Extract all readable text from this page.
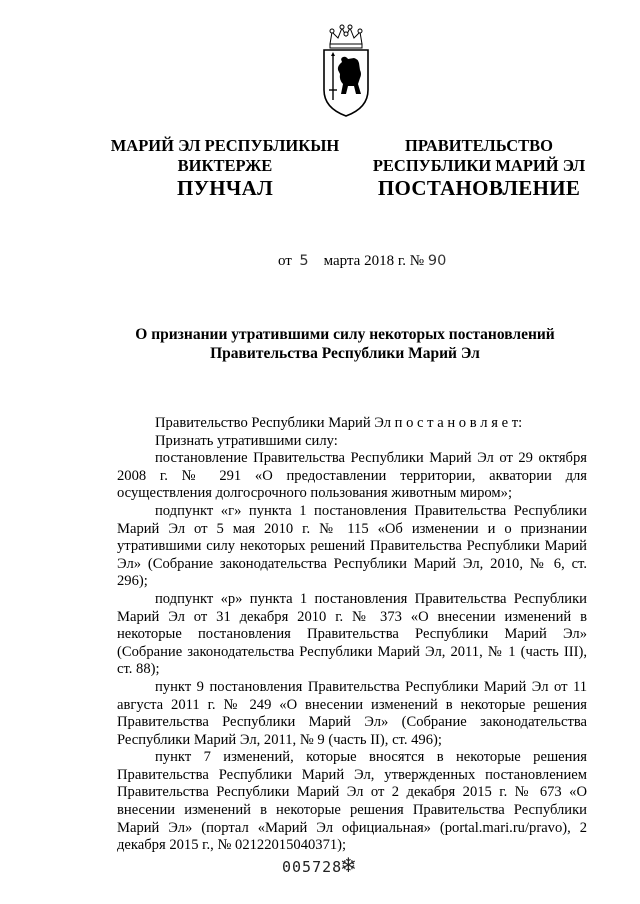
МАРИЙ ЭЛ РЕСПУБЛИКЫН
ВИКТЕРЖЕ
ПУНЧАЛ
ПРАВИТЕЛЬСТВО
РЕСПУБЛИКИ МАРИЙ ЭЛ
ПОСТАНОВЛЕНИЕ
от 5 марта 2018 г. № 90
О признании утратившими силу некоторых постановлений
Правительства Республики Марий Эл

Правительство Республики Марий Эл п о с т а н о в л я е т:

Признать утратившими силу:

постановление Правительства Республики Марий Эл от 29 октября 2008 г. № 291 «О предоставлении территории, акватории для осуществления долгосрочного пользования животным миром»;

подпункт «г» пункта 1 постановления Правительства Республики Марий Эл от 5 мая 2010 г. № 115 «Об изменении и о признании утратившими силу некоторых решений Правительства Республики Марий Эл» (Собрание законодательства Республики Марий Эл, 2010, № 6, ст. 296);

подпункт «р» пункта 1 постановления Правительства Республики Марий Эл от 31 декабря 2010 г. № 373 «О внесении изменений в некоторые постановления Правительства Республики Марий Эл» (Собрание законодательства Республики Марий Эл, 2011, № 1 (часть III), ст. 88);

пункт 9 постановления Правительства Республики Марий Эл от 11 августа 2011 г. № 249 «О внесении изменений в некоторые решения Правительства Республики Марий Эл» (Собрание законодательства Республики Марий Эл, 2011, № 9 (часть II), ст. 496);

пункт 7 изменений, которые вносятся в некоторые решения Правительства Республики Марий Эл, утвержденных постановлением Правительства Республики Марий Эл от 2 декабря 2015 г. № 673 «О внесении изменений в некоторые решения Правительства Республики Марий Эл» (портал «Марий Эл официальная» (portal.mari.ru/pravo), 2 декабря 2015 г., № 02122015040371);

005728
❄
